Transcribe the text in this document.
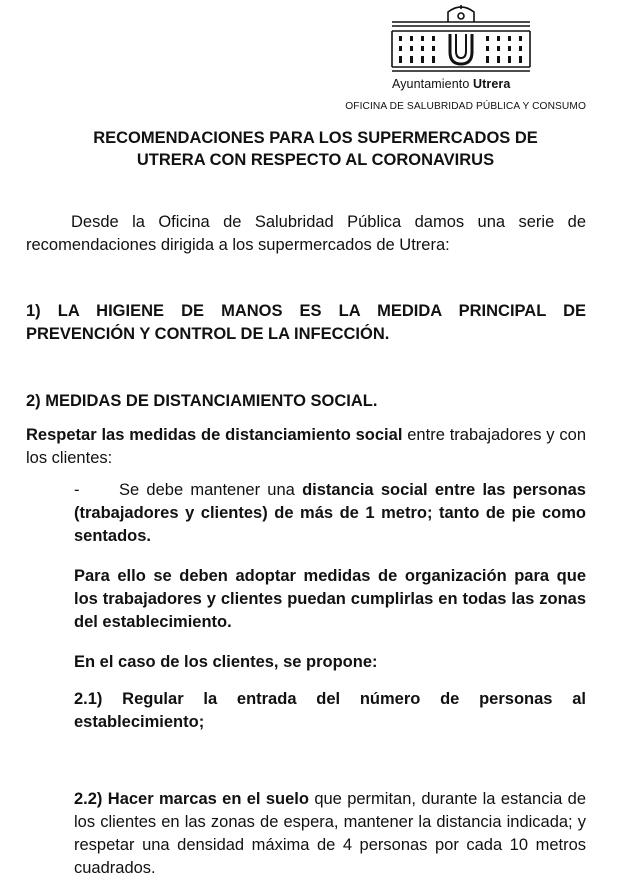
Ayuntamiento Utrera
OFICINA DE SALUBRIDAD PÚBLICA Y CONSUMO
RECOMENDACIONES PARA LOS SUPERMERCADOS DE
UTRERA CON RESPECTO AL CORONAVIRUS

Desde la Oficina de Salubridad Pública damos una serie de recomendaciones dirigida a los supermercados de Utrera:

1) LA HIGIENE DE MANOS ES LA MEDIDA PRINCIPAL DE PREVENCIÓN Y CONTROL DE LA INFECCIÓN.

2) MEDIDAS DE DISTANCIAMIENTO SOCIAL.

Respetar las medidas de distanciamiento social entre trabajadores y con los clientes:

- Se debe mantener una distancia social entre las personas (trabajadores y clientes) de más de 1 metro; tanto de pie como sentados.

Para ello se deben adoptar medidas de organización para que los trabajadores y clientes puedan cumplirlas en todas las zonas del establecimiento.

En el caso de los clientes, se propone:

2.1) Regular la entrada del número de personas al establecimiento;

2.2) Hacer marcas en el suelo que permitan, durante la estancia de los clientes en las zonas de espera, mantener la distancia indicada; y respetar una densidad máxima de 4 personas por cada 10 metros cuadrados.
